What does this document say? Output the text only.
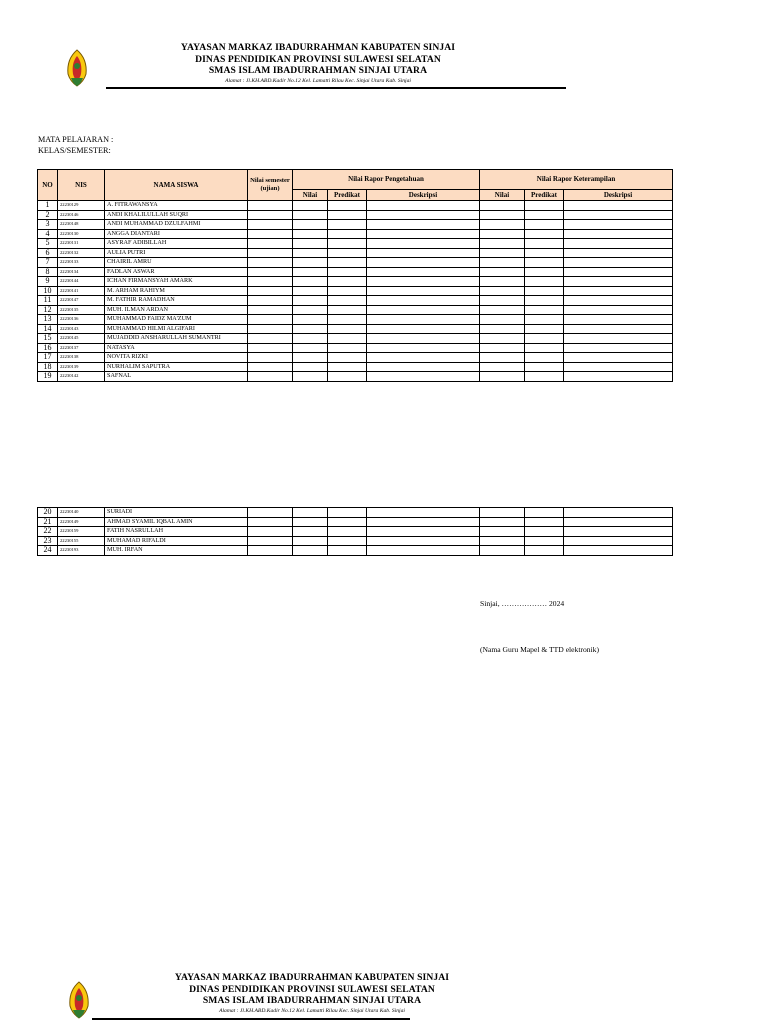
YAYASAN MARKAZ IBADURRAHMAN KABUPATEN SINJAI
DINAS PENDIDIKAN PROVINSI SULAWESI SELATAN
SMAS ISLAM IBADURRAHMAN SINJAI UTARA
Alamat : Jl.KH.ABD.Kadir No.12 Kel. Lamatti Rilau Kec. Sinjai Utara Kab. Sinjai
MATA PELAJARAN :
KELAS/SEMESTER:
NO	NIS	NAMA SISWA	Nilai semester (ujian)	Nilai Rapor Pengetahuan			Nilai Rapor Keterampilan		
				Nilai	Predikat	Deskripsi	Nilai	Predikat	Deskripsi
1	22230129	A. FITRAWANSYA							
2	22230146	ANDI KHALILULLAH SUQRI							
3	22230148	ANDI MUHAMMAD DZULFAHMI							
4	22230130	ANGGA DIANTARI							
5	22230131	ASYRAF ADIBILLAH							
6	22230132	AULIA PUTRI							
7	22230133	CHAIRIL AMRU							
8	22230134	FADLAN ASWAR							
9	22230144	ICHAN FIRMANSYAH AMARK							
10	22230141	M. ARHAM RAHIYM							
11	22230147	M. FATHIR RAMADHAN							
12	22230135	MUH. ILMAN ARDAN							
13	22230136	MUHAMMAD FAIDZ MA'ZUM							
14	22230143	MUHAMMAD HILMI ALGIFARI							
15	22230145	MUJADDID ANSHARULLAH SUMANTRI							
16	22230137	NATASYA							
17	22230138	NOVITA RIZKI							
18	22230139	NURHALIM SAPUTRA							
19	22230142	SAFNAL							
20	22230140	SURIADI							
21	22230149	AHMAD SYAMIL IQBAL AMIN							
22	22230159	FATIH NASRULLAH							
23	22230155	MUHAMAD RIFALDI							
24	22230193	MUH. IRFAN							
Sinjai, ……………… 2024
(Nama Guru Mapel & TTD elektronik)
YAYASAN MARKAZ IBADURRAHMAN KABUPATEN SINJAI
DINAS PENDIDIKAN PROVINSI SULAWESI SELATAN
SMAS ISLAM IBADURRAHMAN SINJAI UTARA
Alamat : Jl.KH.ABD.Kadir No.12 Kel. Lamatti Rilau Kec. Sinjai Utara Kab. Sinjai
